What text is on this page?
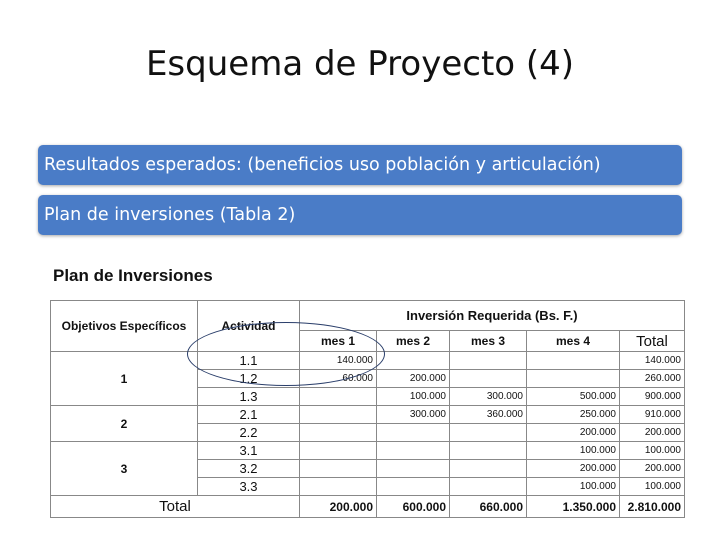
Esquema de Proyecto (4)
Resultados esperados: (beneficios uso población y articulación)
Plan de inversiones (Tabla 2)
Plan de Inversiones
Objetivos Específicos	Actividad	Inversión Requerida (Bs. F.)				
		mes 1	mes 2	mes 3	mes 4	Total
1	1.1	140.000				140.000
	1.2	60.000	200.000			260.000
	1.3		100.000	300.000	500.000	900.000
2	2.1		300.000	360.000	250.000	910.000
	2.2				200.000	200.000
3	3.1				100.000	100.000
	3.2				200.000	200.000
	3.3				100.000	100.000
Total		200.000	600.000	660.000	1.350.000	2.810.000
